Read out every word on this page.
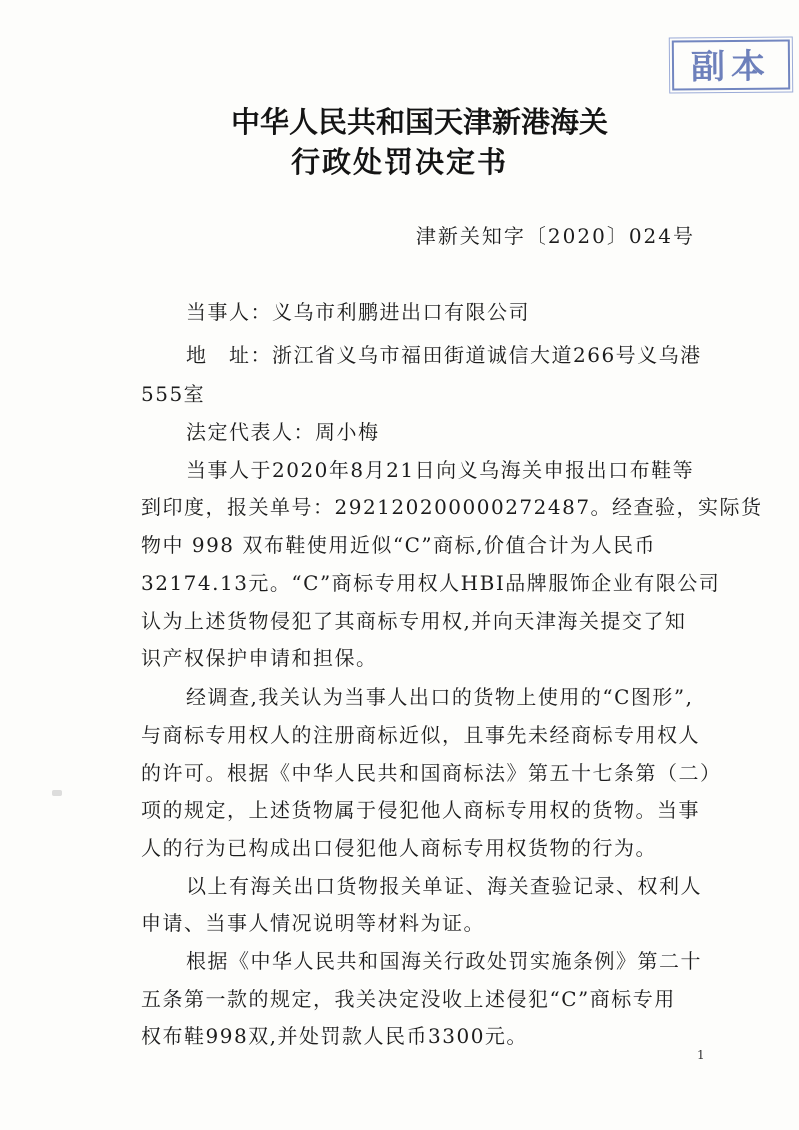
副本
中华人民共和国天津新港海关
行政处罚决定书
津新关知字〔2020〕024号
当事人：义乌市利鹏进出口有限公司
地　址：浙江省义乌市福田街道诚信大道266号义乌港
555室
法定代表人：周小梅
当事人于2020年8月21日向义乌海关申报出口布鞋等
到印度，报关单号：292120200000272487。经查验，实际货
物中 998 双布鞋使用近似“C”商标,价值合计为人民币
32174.13元。“C”商标专用权人HBI品牌服饰企业有限公司
认为上述货物侵犯了其商标专用权,并向天津海关提交了知
识产权保护申请和担保。
经调查,我关认为当事人出口的货物上使用的“C图形”,
与商标专用权人的注册商标近似，且事先未经商标专用权人
的许可。根据《中华人民共和国商标法》第五十七条第（二）
项的规定，上述货物属于侵犯他人商标专用权的货物。当事
人的行为已构成出口侵犯他人商标专用权货物的行为。
以上有海关出口货物报关单证、海关查验记录、权利人
申请、当事人情况说明等材料为证。
根据《中华人民共和国海关行政处罚实施条例》第二十
五条第一款的规定，我关决定没收上述侵犯“C”商标专用
权布鞋998双,并处罚款人民币3300元。
1
